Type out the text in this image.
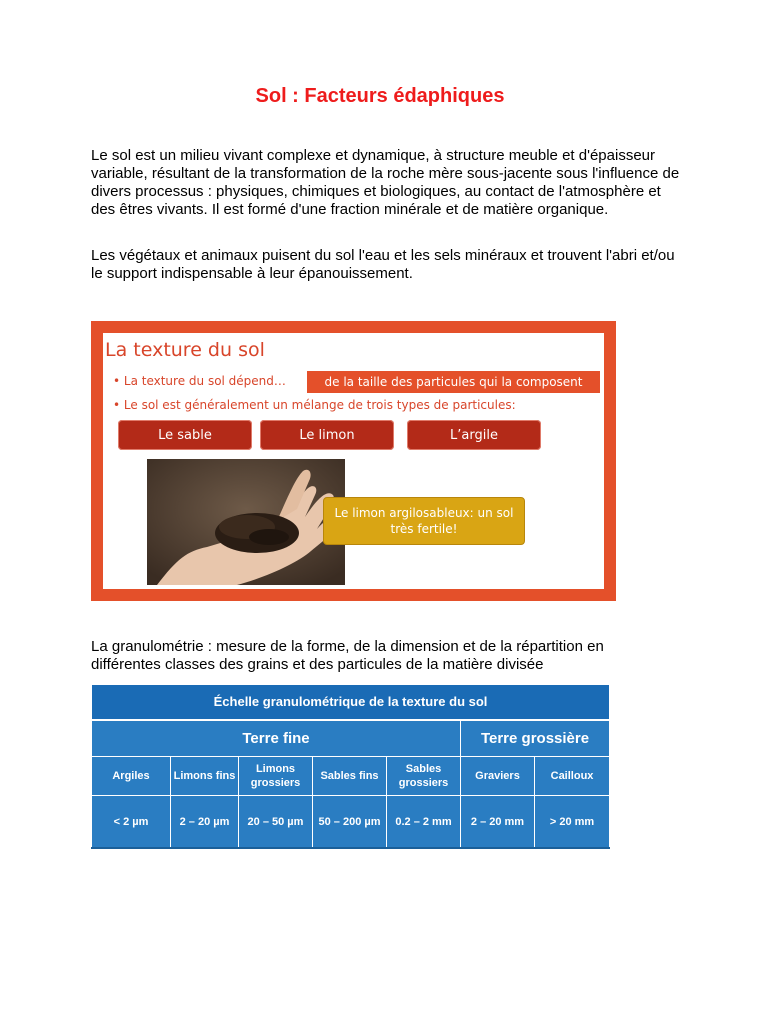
Sol : Facteurs édaphiques
Le sol est un milieu vivant complexe et dynamique, à structure meuble et d'épaisseur variable, résultant de la transformation de la roche mère sous-jacente sous l'influence de divers processus : physiques, chimiques et biologiques, au contact de l'atmosphère et des êtres vivants. Il est formé d'une fraction minérale et de matière organique.
Les végétaux et animaux puisent du sol l'eau et les sels minéraux et trouvent l'abri et/ou le support indispensable à leur épanouissement.
La texture du sol
• La texture du sol dépend…	de la taille des particules qui la composent
• Le sol est généralement un mélange de trois types de particules:
Le sable	Le limon	L’argile
Le limon argilosableux: un sol très fertile!
La granulométrie : mesure de la forme, de la dimension et de la répartition en différentes classes des grains et des particules de la matière divisée
Échelle granulométrique de la texture du sol						
Terre fine					Terre grossière	
Argiles	Limons fins	Limons grossiers	Sables fins	Sables grossiers	Graviers	Cailloux
< 2 µm	2 – 20 µm	20 – 50 µm	50 – 200 µm	0.2 – 2 mm	2 – 20 mm	> 20 mm
